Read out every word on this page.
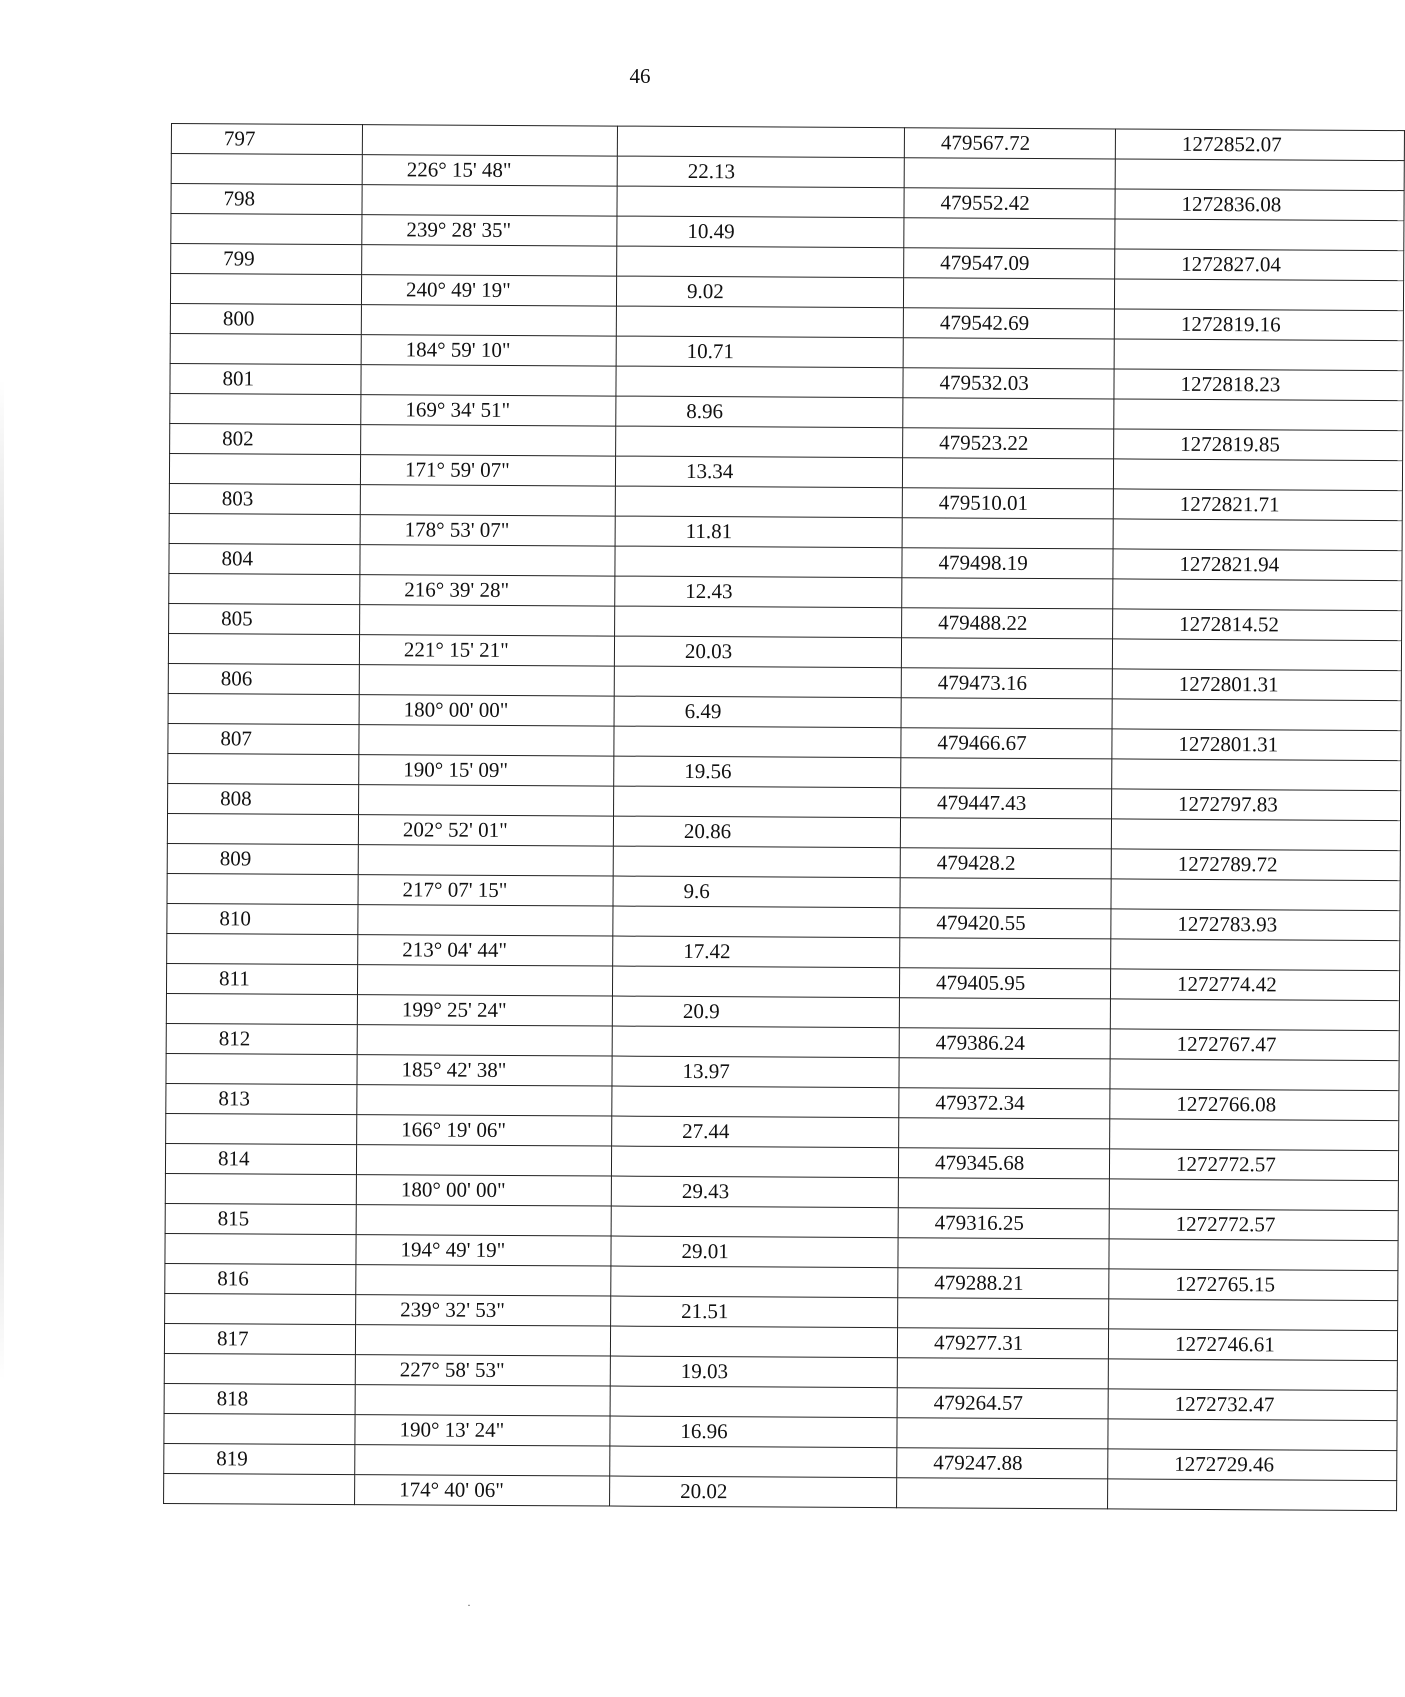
46
797			479567.72	1272852.07
	226° 15' 48"	22.13		
798			479552.42	1272836.08
	239° 28' 35"	10.49		
799			479547.09	1272827.04
	240° 49' 19"	9.02		
800			479542.69	1272819.16
	184° 59' 10"	10.71		
801			479532.03	1272818.23
	169° 34' 51"	8.96		
802			479523.22	1272819.85
	171° 59' 07"	13.34		
803			479510.01	1272821.71
	178° 53' 07"	11.81		
804			479498.19	1272821.94
	216° 39' 28"	12.43		
805			479488.22	1272814.52
	221° 15' 21"	20.03		
806			479473.16	1272801.31
	180° 00' 00"	6.49		
807			479466.67	1272801.31
	190° 15' 09"	19.56		
808			479447.43	1272797.83
	202° 52' 01"	20.86		
809			479428.2	1272789.72
	217° 07' 15"	9.6		
810			479420.55	1272783.93
	213° 04' 44"	17.42		
811			479405.95	1272774.42
	199° 25' 24"	20.9		
812			479386.24	1272767.47
	185° 42' 38"	13.97		
813			479372.34	1272766.08
	166° 19' 06"	27.44		
814			479345.68	1272772.57
	180° 00' 00"	29.43		
815			479316.25	1272772.57
	194° 49' 19"	29.01		
816			479288.21	1272765.15
	239° 32' 53"	21.51		
817			479277.31	1272746.61
	227° 58' 53"	19.03		
818			479264.57	1272732.47
	190° 13' 24"	16.96		
819			479247.88	1272729.46
	174° 40' 06"	20.02		
·
